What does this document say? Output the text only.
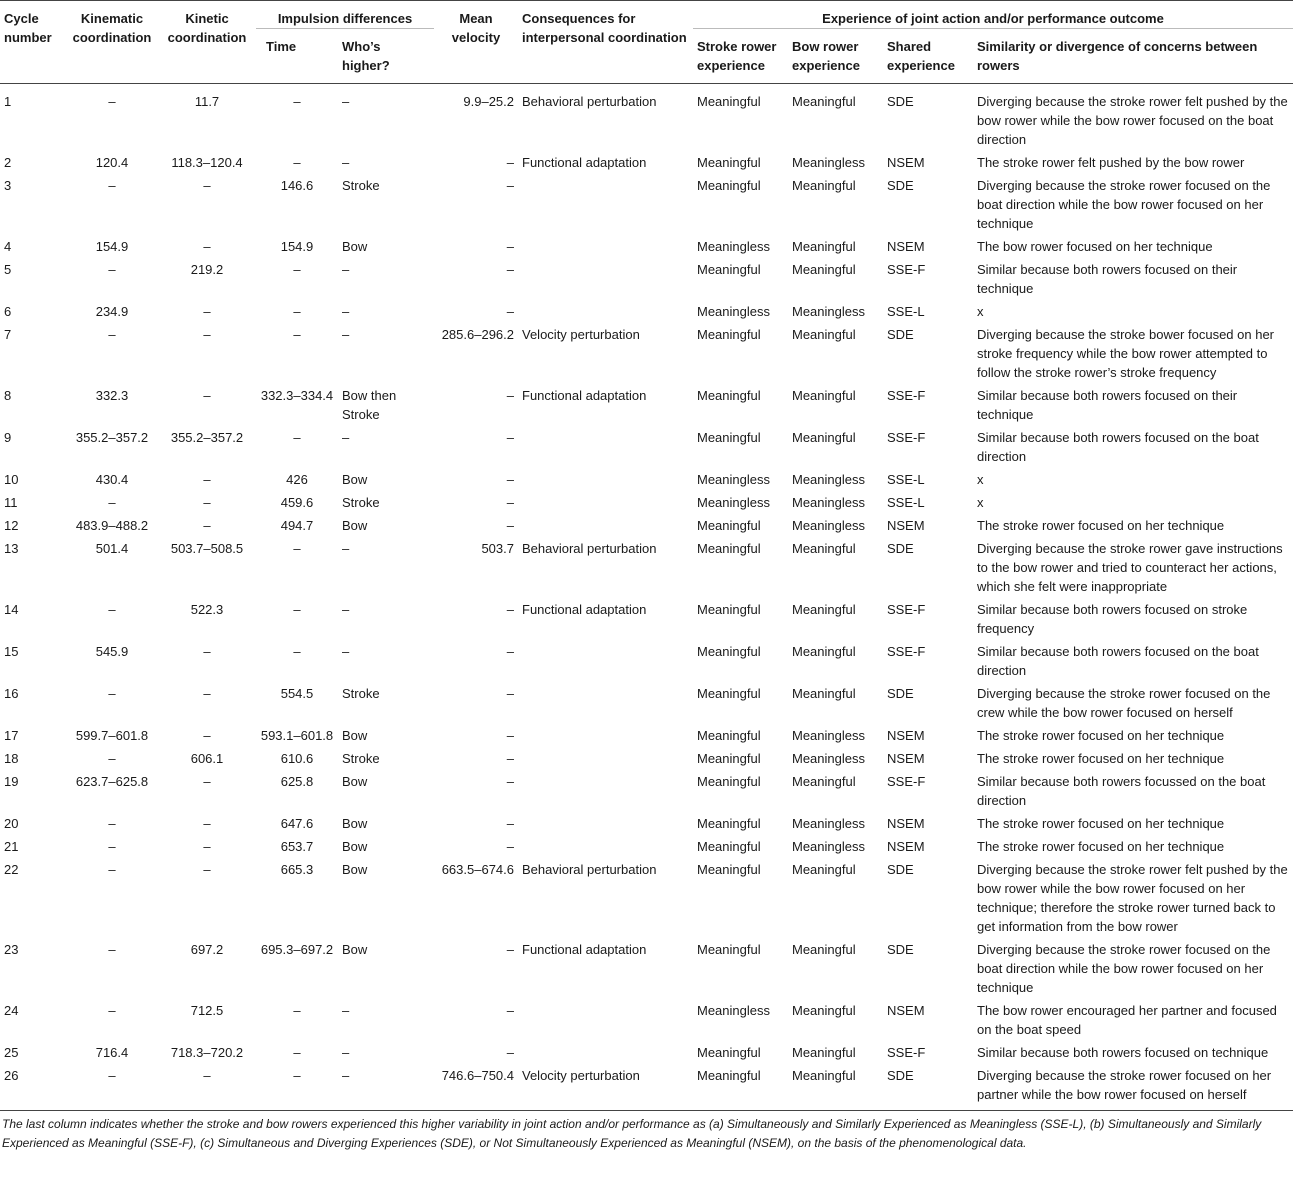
Cycle number	Kinematic coordination	Kinetic coordination	Impulsion differences		Mean velocity	Consequences for interpersonal coordination	Experience of joint action and/or performance outcome			
			Time	Who’s higher?			Stroke rower experience	Bow rower experience	Shared experience	Similarity or divergence of concerns between rowers
1	–	11.7	–	–	9.9–25.2	Behavioral perturbation	Meaningful	Meaningful	SDE	Diverging because the stroke rower felt pushed by the bow rower while the bow rower focused on the boat direction
2	120.4	118.3–120.4	–	–	–	Functional adaptation	Meaningful	Meaningless	NSEM	The stroke rower felt pushed by the bow rower
3	–	–	146.6	Stroke	–		Meaningful	Meaningful	SDE	Diverging because the stroke rower focused on the boat direction while the bow rower focused on her technique
4	154.9	–	154.9	Bow	–		Meaningless	Meaningful	NSEM	The bow rower focused on her technique
5	–	219.2	–	–	–		Meaningful	Meaningful	SSE-F	Similar because both rowers focused on their technique
6	234.9	–	–	–	–		Meaningless	Meaningless	SSE-L	x
7	–	–	–	–	285.6–296.2	Velocity perturbation	Meaningful	Meaningful	SDE	Diverging because the stroke bower focused on her stroke frequency while the bow rower attempted to follow the stroke rower’s stroke frequency
8	332.3	–	332.3–334.4	Bow then Stroke	–	Functional adaptation	Meaningful	Meaningful	SSE-F	Similar because both rowers focused on their technique
9	355.2–357.2	355.2–357.2	–	–	–		Meaningful	Meaningful	SSE-F	Similar because both rowers focused on the boat direction
10	430.4	–	426	Bow	–		Meaningless	Meaningless	SSE-L	x
11	–	–	459.6	Stroke	–		Meaningless	Meaningless	SSE-L	x
12	483.9–488.2	–	494.7	Bow	–		Meaningful	Meaningless	NSEM	The stroke rower focused on her technique
13	501.4	503.7–508.5	–	–	503.7	Behavioral perturbation	Meaningful	Meaningful	SDE	Diverging because the stroke rower gave instructions to the bow rower and tried to counteract her actions, which she felt were inappropriate
14	–	522.3	–	–	–	Functional adaptation	Meaningful	Meaningful	SSE-F	Similar because both rowers focused on stroke frequency
15	545.9	–	–	–	–		Meaningful	Meaningful	SSE-F	Similar because both rowers focused on the boat direction
16	–	–	554.5	Stroke	–		Meaningful	Meaningful	SDE	Diverging because the stroke rower focused on the crew while the bow rower focused on herself
17	599.7–601.8	–	593.1–601.8	Bow	–		Meaningful	Meaningless	NSEM	The stroke rower focused on her technique
18	–	606.1	610.6	Stroke	–		Meaningful	Meaningless	NSEM	The stroke rower focused on her technique
19	623.7–625.8	–	625.8	Bow	–		Meaningful	Meaningful	SSE-F	Similar because both rowers focussed on the boat direction
20	–	–	647.6	Bow	–		Meaningful	Meaningless	NSEM	The stroke rower focused on her technique
21	–	–	653.7	Bow	–		Meaningful	Meaningless	NSEM	The stroke rower focused on her technique
22	–	–	665.3	Bow	663.5–674.6	Behavioral perturbation	Meaningful	Meaningful	SDE	Diverging because the stroke rower felt pushed by the bow rower while the bow rower focused on her technique; therefore the stroke rower turned back to get information from the bow rower
23	–	697.2	695.3–697.2	Bow	–	Functional adaptation	Meaningful	Meaningful	SDE	Diverging because the stroke rower focused on the boat direction while the bow rower focused on her technique
24	–	712.5	–	–	–		Meaningless	Meaningful	NSEM	The bow rower encouraged her partner and focused on the boat speed
25	716.4	718.3–720.2	–	–	–		Meaningful	Meaningful	SSE-F	Similar because both rowers focused on technique
26	–	–	–	–	746.6–750.4	Velocity perturbation	Meaningful	Meaningful	SDE	Diverging because the stroke rower focused on her partner while the bow rower focused on herself
The last column indicates whether the stroke and bow rowers experienced this higher variability in joint action and/or performance as (a) Simultaneously and Similarly Experienced as Meaningless (SSE-L), (b) Simultaneously and Similarly Experienced as Meaningful (SSE-F), (c) Simultaneous and Diverging Experiences (SDE), or Not Simultaneously Experienced as Meaningful (NSEM), on the basis of the phenomenological data.
